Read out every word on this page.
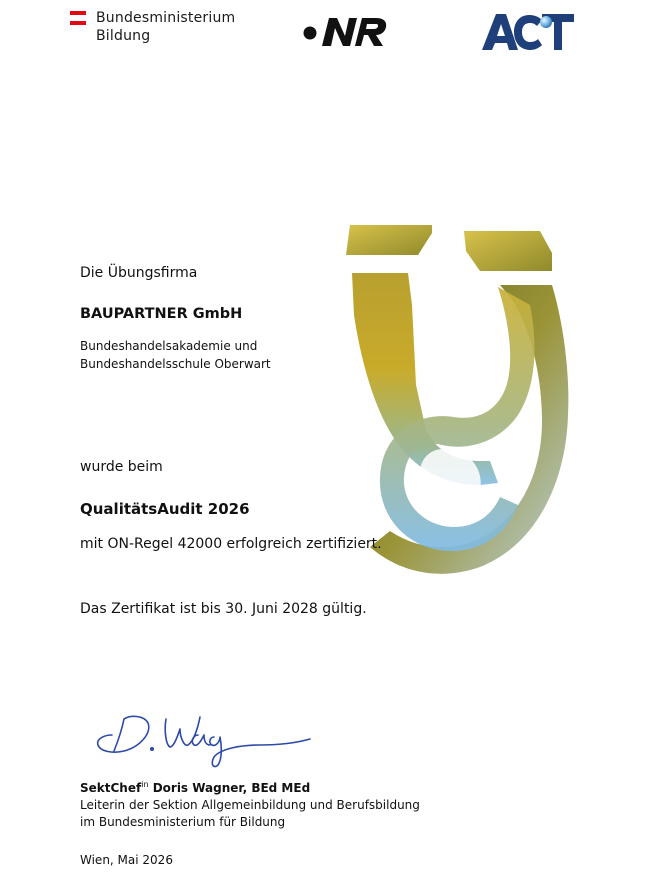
Bundesministerium
Bildung
Die Übungsfirma
BAUPARTNER GmbH
Bundeshandelsakademie und
Bundeshandelsschule Oberwart
wurde beim
QualitätsAudit 2026
mit ON-Regel 42000 erfolgreich zertifiziert.
Das Zertifikat ist bis 30. Juni 2028 gültig.
SektChef$^{in}$ Doris Wagner, BEd MEd
Leiterin der Sektion Allgemeinbildung und Berufsbildung
im Bundesministerium für Bildung
Wien, Mai 2026
